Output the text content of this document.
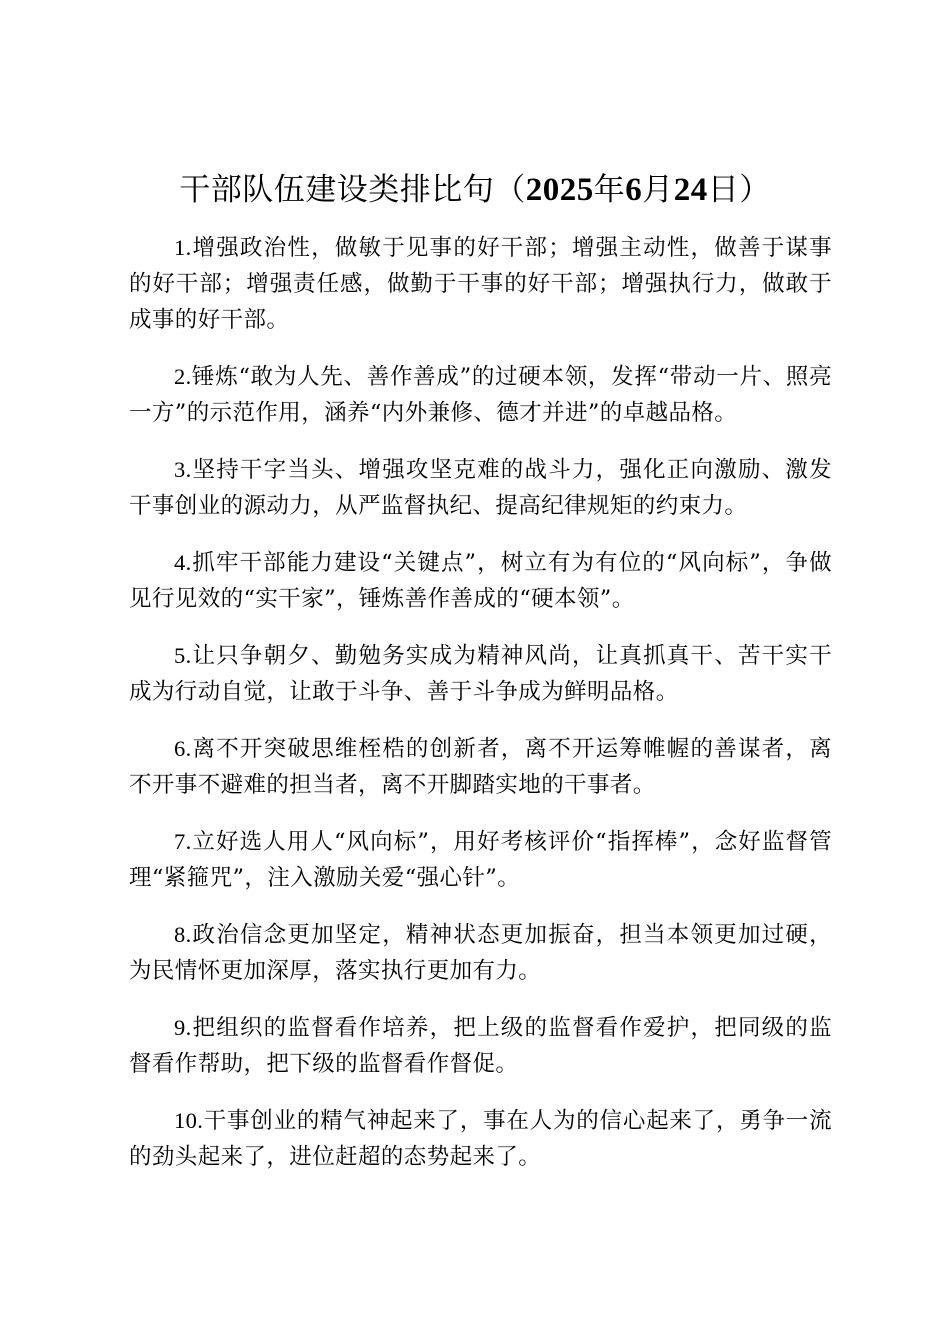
干部队伍建设类排比句（2025年6月24日）

1.增强政治性，做敏于见事的好干部；增强主动性，做善于谋事的好干部；增强责任感，做勤于干事的好干部；增强执行力，做敢于成事的好干部。

2.锤炼“敢为人先、善作善成”的过硬本领，发挥“带动一片、照亮一方”的示范作用，涵养“内外兼修、德才并进”的卓越品格。

3.坚持干字当头、增强攻坚克难的战斗力，强化正向激励、激发干事创业的源动力，从严监督执纪、提高纪律规矩的约束力。

4.抓牢干部能力建设“关键点”，树立有为有位的“风向标”，争做见行见效的“实干家”，锤炼善作善成的“硬本领”。

5.让只争朝夕、勤勉务实成为精神风尚，让真抓真干、苦干实干成为行动自觉，让敢于斗争、善于斗争成为鲜明品格。

6.离不开突破思维桎梏的创新者，离不开运筹帷幄的善谋者，离不开事不避难的担当者，离不开脚踏实地的干事者。

7.立好选人用人“风向标”，用好考核评价“指挥棒”，念好监督管理“紧箍咒”，注入激励关爱“强心针”。

8.政治信念更加坚定，精神状态更加振奋，担当本领更加过硬，为民情怀更加深厚，落实执行更加有力。

9.把组织的监督看作培养，把上级的监督看作爱护，把同级的监督看作帮助，把下级的监督看作督促。

10.干事创业的精气神起来了，事在人为的信心起来了，勇争一流的劲头起来了，进位赶超的态势起来了。
